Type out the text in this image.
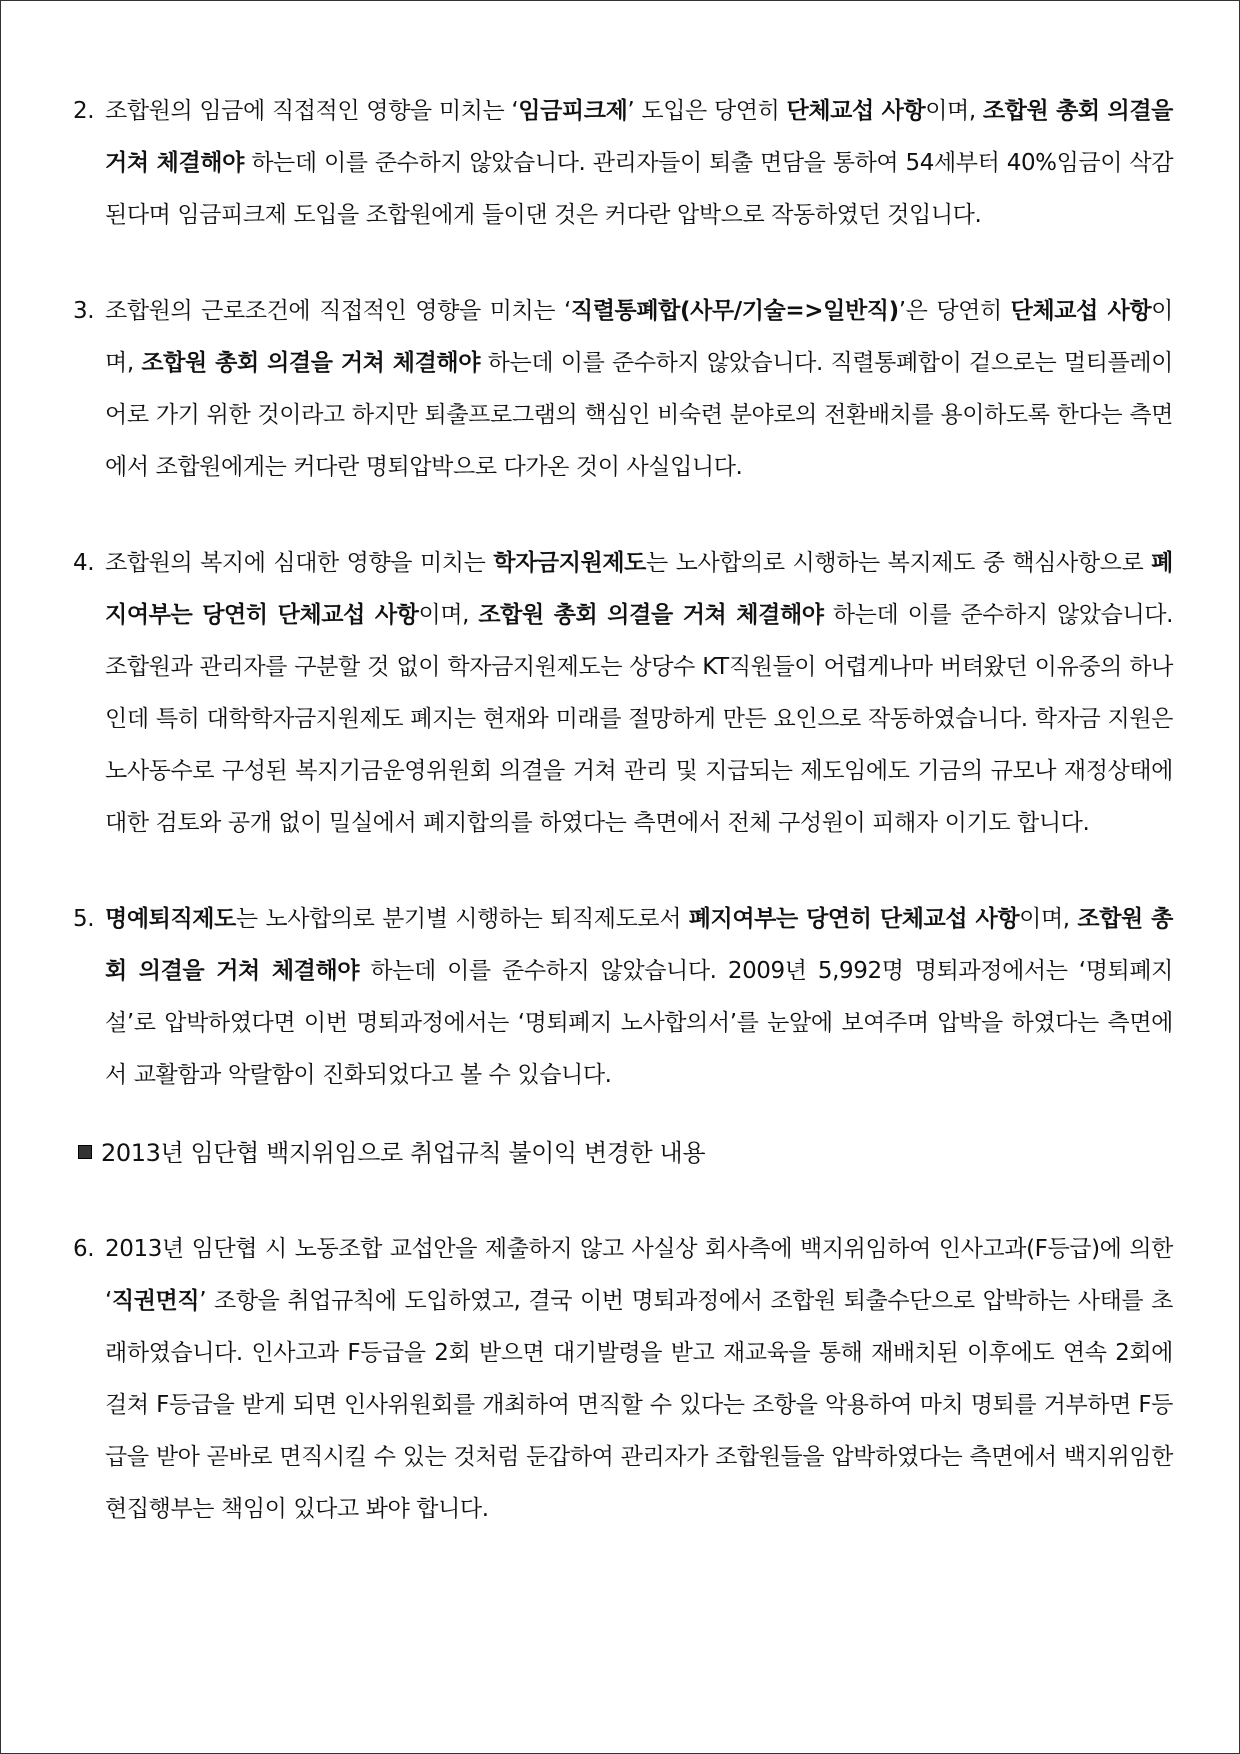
2. 조합원의 임금에 직접적인 영향을 미치는 ‘임금피크제’ 도입은 당연히 단체교섭 사항이며, 조합원 총회 의결을 거쳐 체결해야 하는데 이를 준수하지 않았습니다. 관리자들이 퇴출 면담을 통하여 54세부터 40%임금이 삭감된다며 임금피크제 도입을 조합원에게 들이댄 것은 커다란 압박으로 작동하였던 것입니다.
3. 조합원의 근로조건에 직접적인 영향을 미치는 ‘직렬통폐합(사무/기술=>일반직)’은 당연히 단체교섭 사항이며, 조합원 총회 의결을 거쳐 체결해야 하는데 이를 준수하지 않았습니다. 직렬통폐합이 겉으로는 멀티플레이어로 가기 위한 것이라고 하지만 퇴출프로그램의 핵심인 비숙련 분야로의 전환배치를 용이하도록 한다는 측면에서 조합원에게는 커다란 명퇴압박으로 다가온 것이 사실입니다.
4. 조합원의 복지에 심대한 영향을 미치는 학자금지원제도는 노사합의로 시행하는 복지제도 중 핵심사항으로 폐지여부는 당연히 단체교섭 사항이며, 조합원 총회 의결을 거쳐 체결해야 하는데 이를 준수하지 않았습니다. 조합원과 관리자를 구분할 것 없이 학자금지원제도는 상당수 KT직원들이 어렵게나마 버텨왔던 이유중의 하나인데 특히 대학학자금지원제도 폐지는 현재와 미래를 절망하게 만든 요인으로 작동하였습니다. 학자금 지원은 노사동수로 구성된 복지기금운영위원회 의결을 거쳐 관리 및 지급되는 제도임에도 기금의 규모나 재정상태에 대한 검토와 공개 없이 밀실에서 폐지합의를 하였다는 측면에서 전체 구성원이 피해자 이기도 합니다.
5. 명예퇴직제도는 노사합의로 분기별 시행하는 퇴직제도로서 폐지여부는 당연히 단체교섭 사항이며, 조합원 총회 의결을 거쳐 체결해야 하는데 이를 준수하지 않았습니다. 2009년 5,992명 명퇴과정에서는 ‘명퇴폐지설’로 압박하였다면 이번 명퇴과정에서는 ‘명퇴폐지 노사합의서’를 눈앞에 보여주며 압박을 하였다는 측면에서 교활함과 악랄함이 진화되었다고 볼 수 있습니다.
2013년 임단협 백지위임으로 취업규칙 불이익 변경한 내용
6. 2013년 임단협 시 노동조합 교섭안을 제출하지 않고 사실상 회사측에 백지위임하여 인사고과(F등급)에 의한 ‘직권면직’ 조항을 취업규칙에 도입하였고, 결국 이번 명퇴과정에서 조합원 퇴출수단으로 압박하는 사태를 초래하였습니다. 인사고과 F등급을 2회 받으면 대기발령을 받고 재교육을 통해 재배치된 이후에도 연속 2회에 걸쳐 F등급을 받게 되면 인사위원회를 개최하여 면직할 수 있다는 조항을 악용하여 마치 명퇴를 거부하면 F등급을 받아 곧바로 면직시킬 수 있는 것처럼 둔갑하여 관리자가 조합원들을 압박하였다는 측면에서 백지위임한 현집행부는 책임이 있다고 봐야 합니다.
